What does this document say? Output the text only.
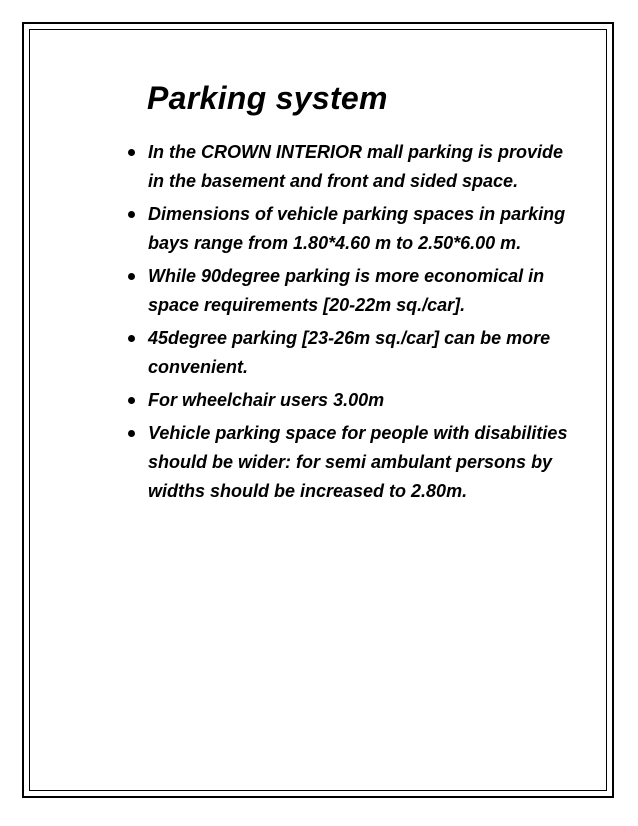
Parking system
In the CROWN INTERIOR mall parking is provide in the basement and front and sided space.
Dimensions of vehicle parking spaces in parking bays range from 1.80*4.60 m to 2.50*6.00 m.
While 90degree parking is more economical in space requirements [20-22m sq./car].
45degree parking [23-26m sq./car] can be more convenient.
For wheelchair users 3.00m
Vehicle parking space for people with disabilities should be wider: for semi ambulant persons by widths should be increased to 2.80m.
